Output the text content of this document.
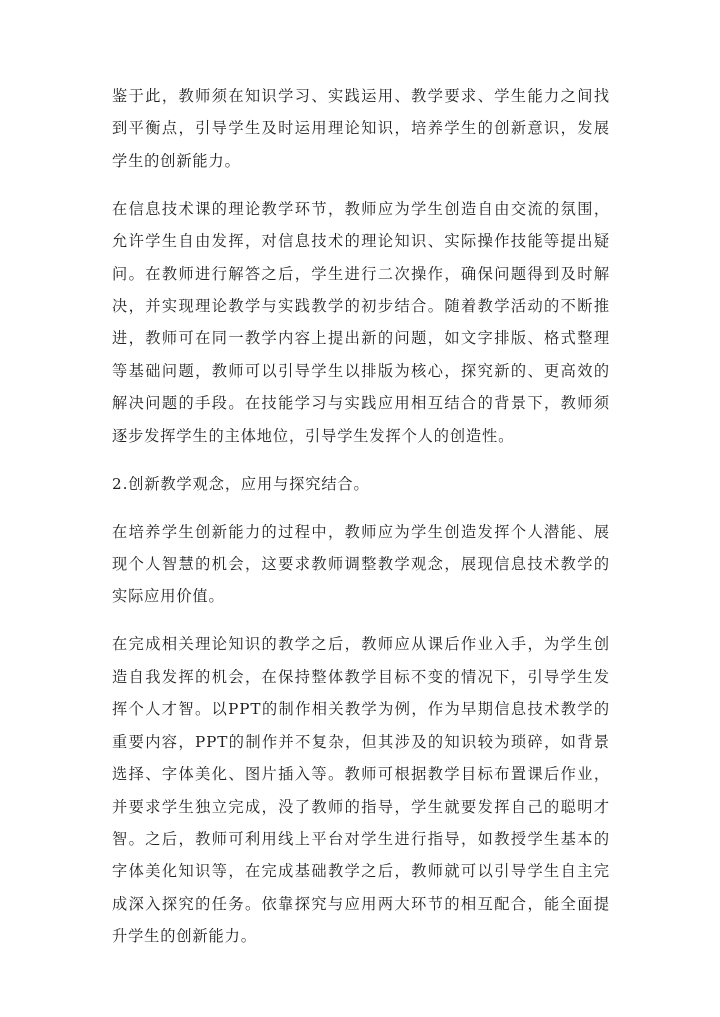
鉴于此，教师须在知识学习、实践运用、教学要求、学生能力之间找到平衡点，引导学生及时运用理论知识，培养学生的创新意识，发展学生的创新能力。

在信息技术课的理论教学环节，教师应为学生创造自由交流的氛围，允许学生自由发挥，对信息技术的理论知识、实际操作技能等提出疑问。在教师进行解答之后，学生进行二次操作，确保问题得到及时解决，并实现理论教学与实践教学的初步结合。随着教学活动的不断推进，教师可在同一教学内容上提出新的问题，如文字排版、格式整理等基础问题，教师可以引导学生以排版为核心，探究新的、更高效的解决问题的手段。在技能学习与实践应用相互结合的背景下，教师须逐步发挥学生的主体地位，引导学生发挥个人的创造性。

2.创新教学观念，应用与探究结合。

在培养学生创新能力的过程中，教师应为学生创造发挥个人潜能、展现个人智慧的机会，这要求教师调整教学观念，展现信息技术教学的实际应用价值。

在完成相关理论知识的教学之后，教师应从课后作业入手，为学生创造自我发挥的机会，在保持整体教学目标不变的情况下，引导学生发挥个人才智。以PPT的制作相关教学为例，作为早期信息技术教学的重要内容，PPT的制作并不复杂，但其涉及的知识较为琐碎，如背景选择、字体美化、图片插入等。教师可根据教学目标布置课后作业，并要求学生独立完成，没了教师的指导，学生就要发挥自己的聪明才智。之后，教师可利用线上平台对学生进行指导，如教授学生基本的字体美化知识等，在完成基础教学之后，教师就可以引导学生自主完成深入探究的任务。依靠探究与应用两大环节的相互配合，能全面提升学生的创新能力。
